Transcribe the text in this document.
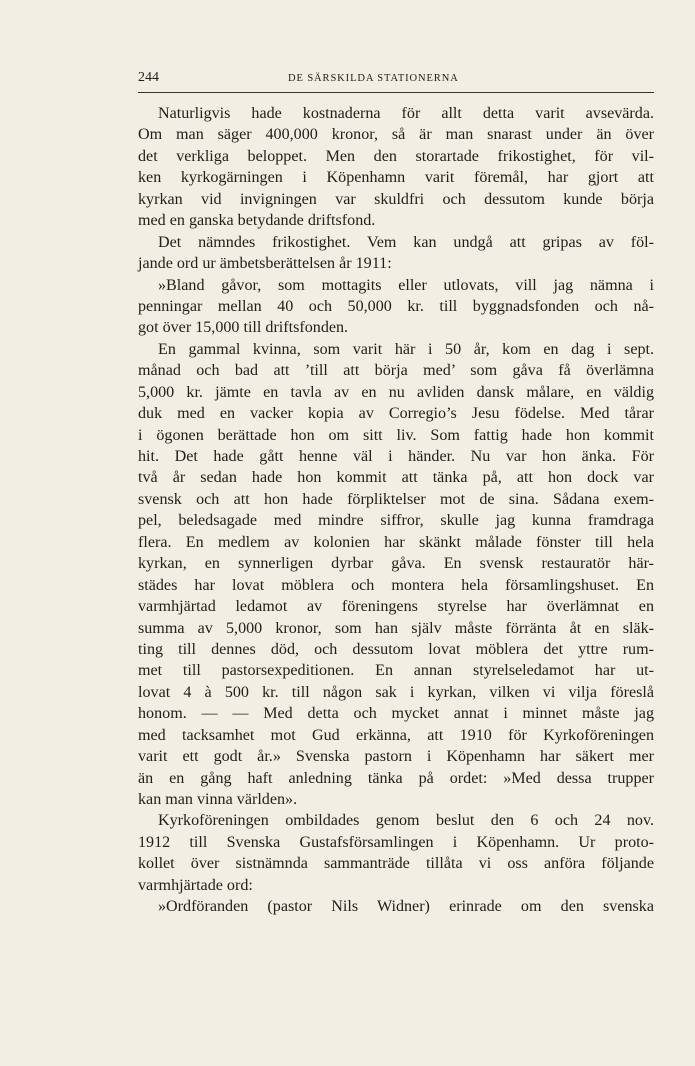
244	DE SÄRSKILDA STATIONERNA
Naturligvis hade kostnaderna för allt detta varit avsevärda.
Om man säger 400,000 kronor, så är man snarast under än över
det verkliga beloppet. Men den storartade frikostighet, för vil-
ken kyrkogärningen i Köpenhamn varit föremål, har gjort att
kyrkan vid invigningen var skuldfri och dessutom kunde börja
med en ganska betydande driftsfond.
Det nämndes frikostighet. Vem kan undgå att gripas av föl-
jande ord ur ämbetsberättelsen år 1911:
»Bland gåvor, som mottagits eller utlovats, vill jag nämna i
penningar mellan 40 och 50,000 kr. till byggnadsfonden och nå-
got över 15,000 till driftsfonden.
En gammal kvinna, som varit här i 50 år, kom en dag i sept.
månad och bad att ’till att börja med’ som gåva få överlämna
5,000 kr. jämte en tavla av en nu avliden dansk målare, en väldig
duk med en vacker kopia av Corregio’s Jesu födelse. Med tårar
i ögonen berättade hon om sitt liv. Som fattig hade hon kommit
hit. Det hade gått henne väl i händer. Nu var hon änka. För
två år sedan hade hon kommit att tänka på, att hon dock var
svensk och att hon hade förpliktelser mot de sina. Sådana exem-
pel, beledsagade med mindre siffror, skulle jag kunna framdraga
flera. En medlem av kolonien har skänkt målade fönster till hela
kyrkan, en synnerligen dyrbar gåva. En svensk restauratör här-
städes har lovat möblera och montera hela församlingshuset. En
varmhjärtad ledamot av föreningens styrelse har överlämnat en
summa av 5,000 kronor, som han själv måste förränta åt en släk-
ting till dennes död, och dessutom lovat möblera det yttre rum-
met till pastorsexpeditionen. En annan styrelseledamot har ut-
lovat 4 à 500 kr. till någon sak i kyrkan, vilken vi vilja föreslå
honom. — — Med detta och mycket annat i minnet måste jag
med tacksamhet mot Gud erkänna, att 1910 för Kyrkoföreningen
varit ett godt år.» Svenska pastorn i Köpenhamn har säkert mer
än en gång haft anledning tänka på ordet: »Med dessa trupper
kan man vinna världen».
Kyrkoföreningen ombildades genom beslut den 6 och 24 nov.
1912 till Svenska Gustafsförsamlingen i Köpenhamn. Ur proto-
kollet över sistnämnda sammanträde tillåta vi oss anföra följande
varmhjärtade ord:
»Ordföranden (pastor Nils Widner) erinrade om den svenska
